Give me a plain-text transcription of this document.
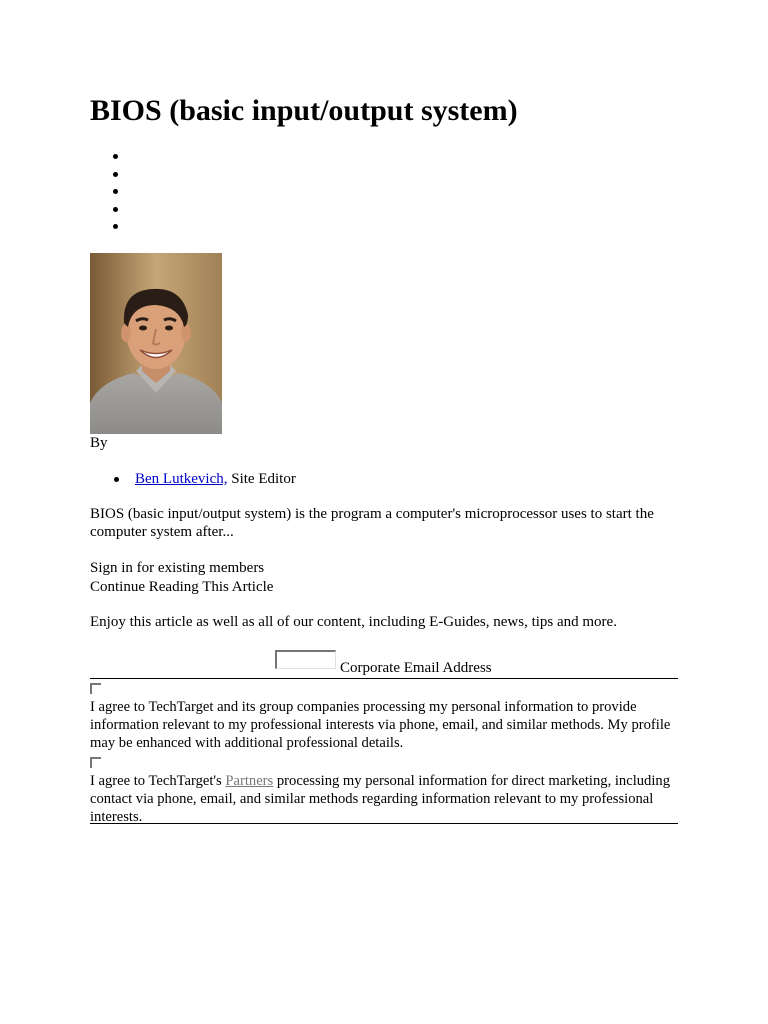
BIOS (basic input/output system)
By
Ben Lutkevich, Site Editor
BIOS (basic input/output system) is the program a computer's microprocessor uses to start the computer system after...
Sign in for existing members
Continue Reading This Article
Enjoy this article as well as all of our content, including E-Guides, news, tips and more.
Corporate Email Address
I agree to TechTarget and its group companies processing my personal information to provide information relevant to my professional interests via phone, email, and similar methods. My profile may be enhanced with additional professional details.
I agree to TechTarget's Partners processing my personal information for direct marketing, including contact via phone, email, and similar methods regarding information relevant to my professional interests.
